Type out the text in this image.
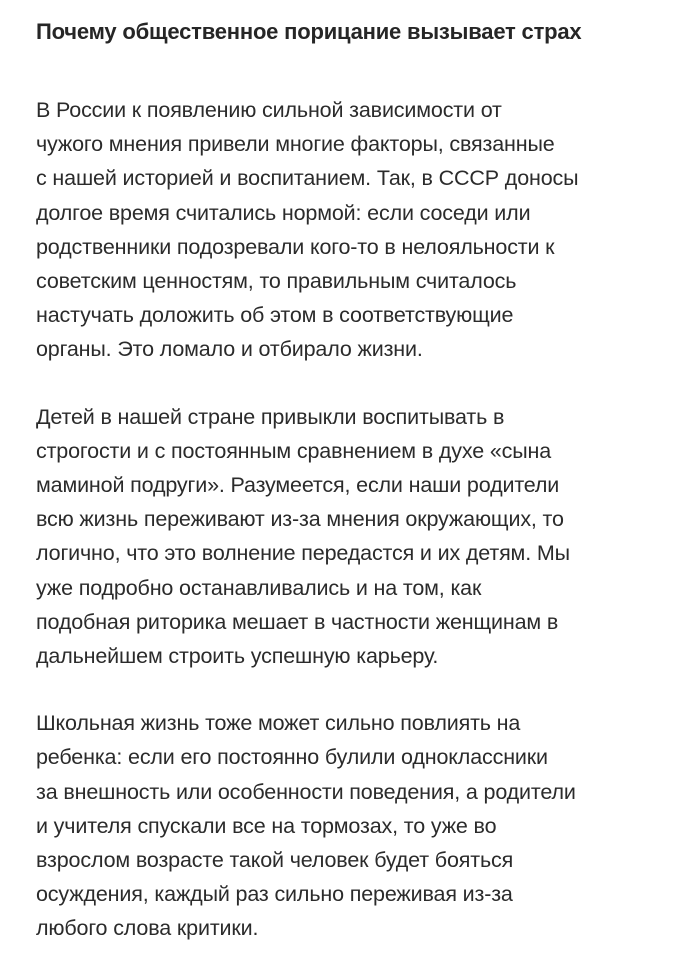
Почему общественное порицание вызывает страх
В России к появлению сильной зависимости от
чужого мнения привели многие факторы, связанные
с нашей историей и воспитанием. Так, в СССР доносы
долгое время считались нормой: если соседи или
родственники подозревали кого-то в нелояльности к
советским ценностям, то правильным считалось
настучать доложить об этом в соответствующие
органы. Это ломало и отбирало жизни.
Детей в нашей стране привыкли воспитывать в
строгости и с постоянным сравнением в духе «сына
маминой подруги». Разумеется, если наши родители
всю жизнь переживают из-за мнения окружающих, то
логично, что это волнение передастся и их детям. Мы
уже подробно останавливались и на том, как
подобная риторика мешает в частности женщинам в
дальнейшем строить успешную карьеру.
Школьная жизнь тоже может сильно повлиять на
ребенка: если его постоянно булили одноклассники
за внешность или особенности поведения, а родители
и учителя спускали все на тормозах, то уже во
взрослом возрасте такой человек будет бояться
осуждения, каждый раз сильно переживая из-за
любого слова критики.
